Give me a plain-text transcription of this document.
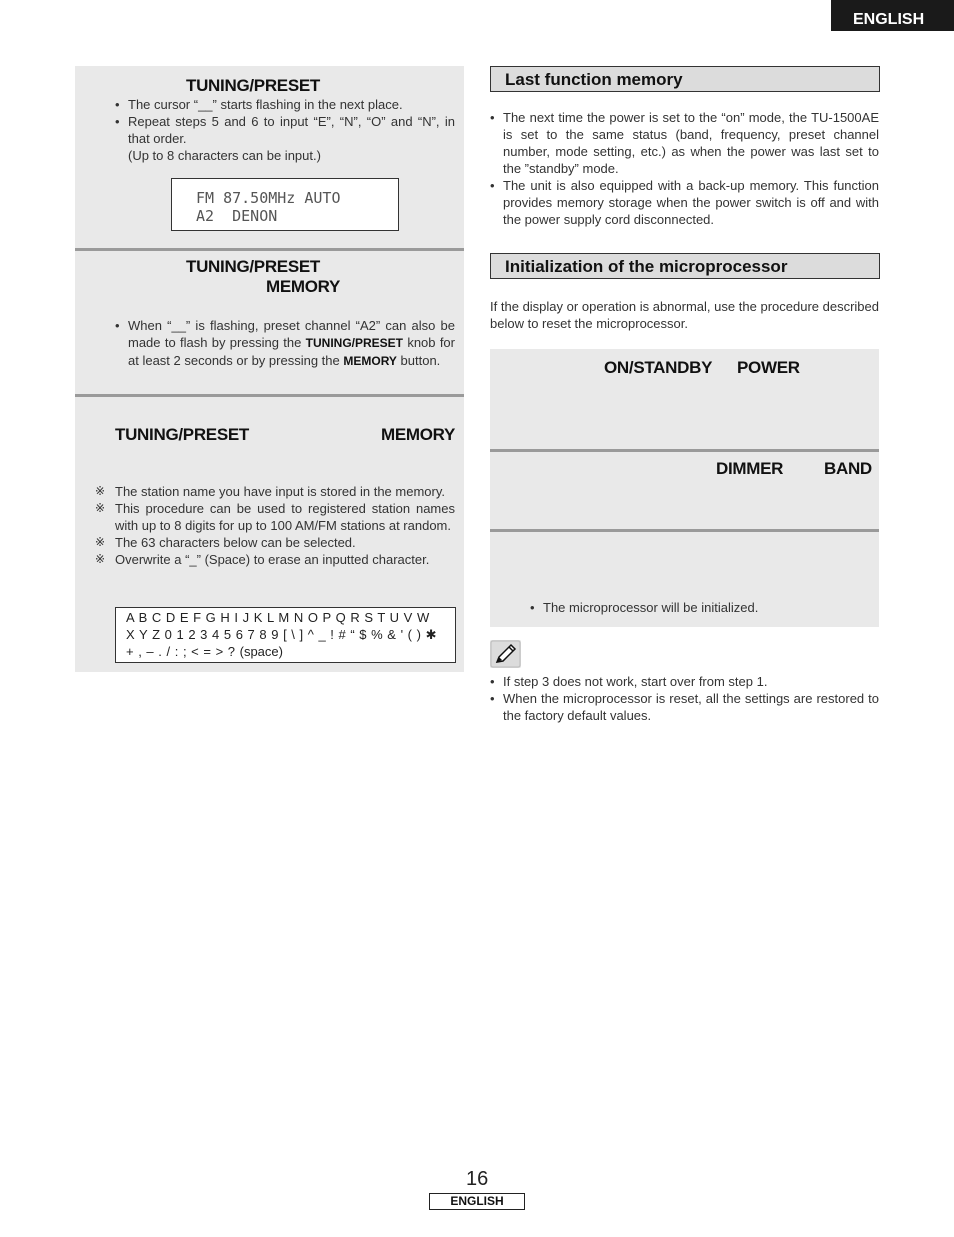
ENGLISH
TUNING/PRESET
• The cursor “__” starts flashing in the next place.
• Repeat steps 5 and 6 to input “E”, “N”, “O” and “N”, in that order.
(Up to 8 characters can be input.)
FM 87.50MHz AUTO
A2  DENON
TUNING/PRESET
MEMORY
• When “__” is flashing, preset channel “A2” can also be made to flash by pressing the TUNING/PRESET knob for at least 2 seconds or by pressing the MEMORY button.
TUNING/PRESET	MEMORY
※ The station name you have input is stored in the memory.
※ This procedure can be used to registered station names with up to 8 digits for up to 100 AM/FM stations at random.
※ The 63 characters below can be selected.
※ Overwrite a “_” (Space) to erase an inputted character.
A B C D E F G H I J K L M N O P Q R S T U V W
X Y Z 0 1 2 3 4 5 6 7 8 9 [ \ ] ^ _ ! # “ $ % & ' ( ) ✱
+ , – . / : ; < = > ? (space)
Last function memory
• The next time the power is set to the “on” mode, the TU-1500AE is set to the same status (band, frequency, preset channel number, mode setting, etc.) as when the power was last set to the ”standby” mode.
• The unit is also equipped with a back-up memory. This function provides memory storage when the power switch is off and with the power supply cord disconnected.
Initialization of the microprocessor
If the display or operation is abnormal, use the procedure described below to reset the microprocessor.
ON/STANDBY POWER
DIMMER BAND
• The microprocessor will be initialized.
• If step 3 does not work, start over from step 1.
• When the microprocessor is reset, all the settings are restored to the factory default values.
16
ENGLISH
